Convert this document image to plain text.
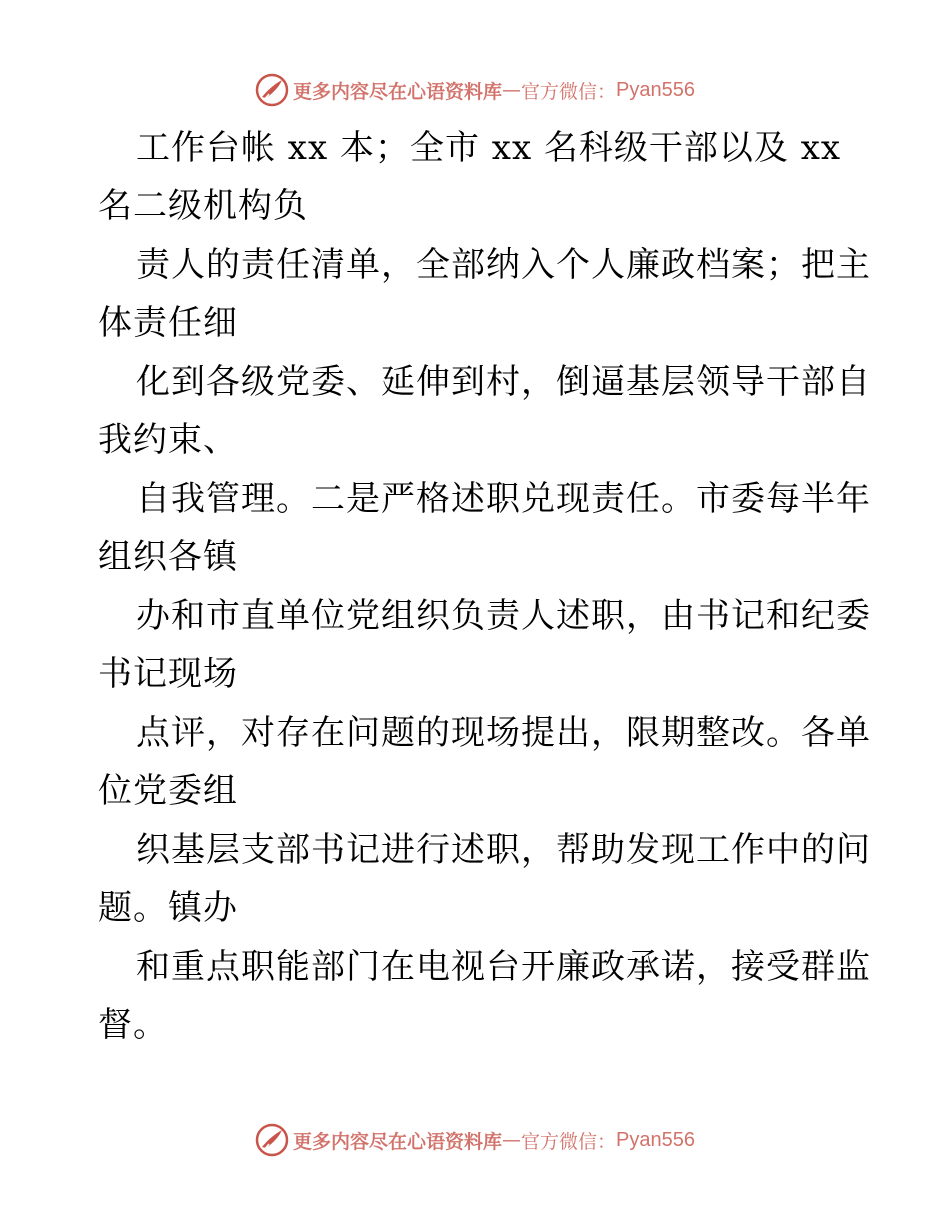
更多内容尽在心语资料库 — 官方微信： Pyan556
工作台帐 xx 本；全市 xx 名科级干部以及 xx
名二级机构负
责人的责任清单，全部纳入个人廉政档案；把主
体责任细
化到各级党委、延伸到村，倒逼基层领导干部自
我约束、
自我管理。二是严格述职兑现责任。市委每半年
组织各镇
办和市直单位党组织负责人述职，由书记和纪委
书记现场
点评，对存在问题的现场提出，限期整改。各单
位党委组
织基层支部书记进行述职，帮助发现工作中的问
题。镇办
和重点职能部门在电视台开廉政承诺，接受群监
督。
更多内容尽在心语资料库 — 官方微信： Pyan556
